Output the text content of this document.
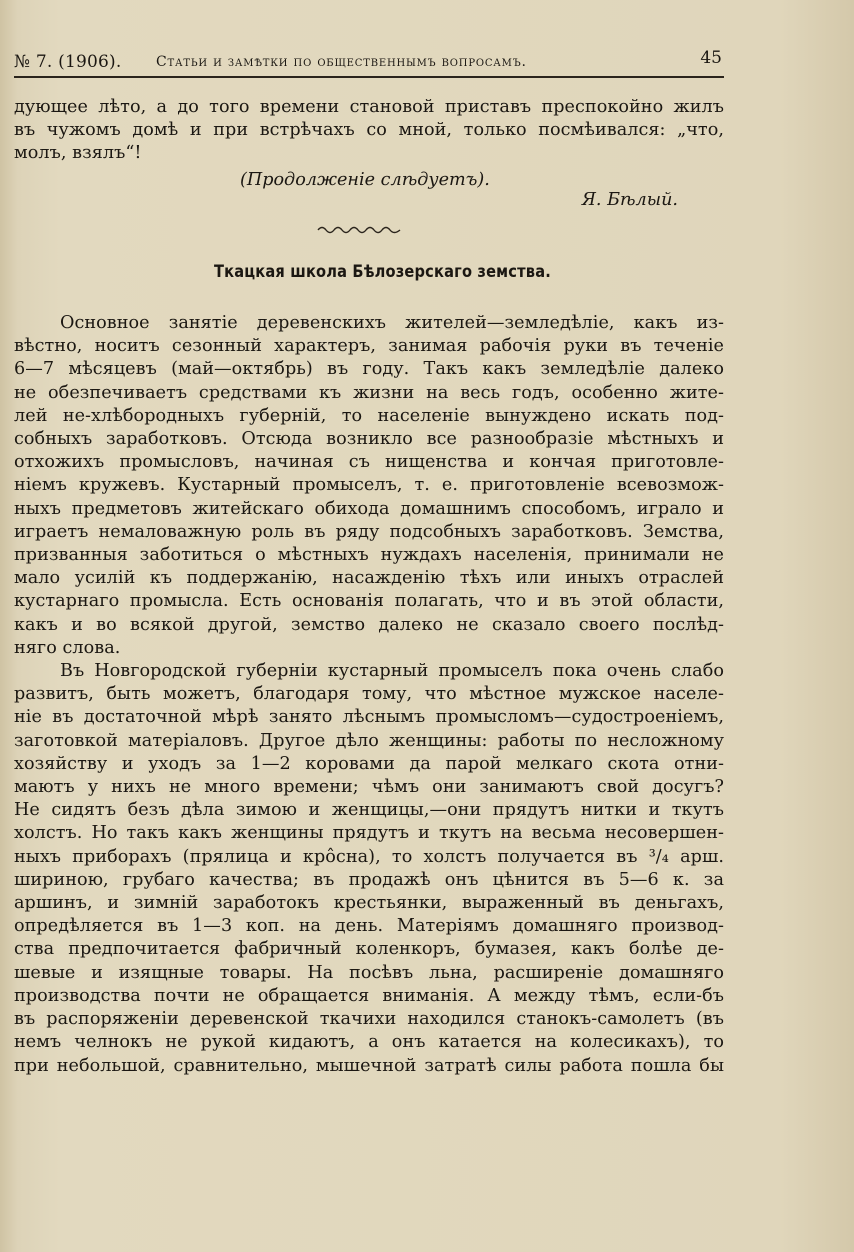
№ 7. (1906). Статьи и замѣтки по общественнымъ вопросамъ.	45
дующее лѣто, а до того времени становой приставъ преспокойно жилъ
въ чужомъ домѣ и при встрѣчахъ со мной, только посмѣивался: „что,
молъ, взялъ“!
(Продолженіе слѣдуетъ).
Я. Бѣлый.
Ткацкая школа Бѣлозерскаго земства.
Основное занятіе деревенскихъ жителей—земледѣліе, какъ из-
вѣстно, носитъ сезонный характеръ, занимая рабочія руки въ теченіе
6—7 мѣсяцевъ (май—октябрь) въ году. Такъ какъ земледѣліе далеко
не обезпечиваетъ средствами къ жизни на весь годъ, особенно жите-
лей не-хлѣбородныхъ губерній, то населеніе вынуждено искать под-
собныхъ заработковъ. Отсюда возникло все разнообразіе мѣстныхъ и
отхожихъ промысловъ, начиная съ нищенства и кончая приготовле-
ніемъ кружевъ. Кустарный промыселъ, т. е. приготовленіе всевозмож-
ныхъ предметовъ житейскаго обихода домашнимъ способомъ, играло и
играетъ немаловажную роль въ ряду подсобныхъ заработковъ. Земства,
призванныя заботиться о мѣстныхъ нуждахъ населенія, принимали не
мало усилій къ поддержанію, насажденію тѣхъ или иныхъ отраслей
кустарнаго промысла. Есть основанія полагать, что и въ этой области,
какъ и во всякой другой, земство далеко не сказало своего послѣд-
няго слова.
Въ Новгородской губерніи кустарный промыселъ пока очень слабо
развитъ, быть можетъ, благодаря тому, что мѣстное мужское населе-
ніе въ достаточной мѣрѣ занято лѣснымъ промысломъ—судостроеніемъ,
заготовкой матеріаловъ. Другое дѣло женщины: работы по несложному
хозяйству и уходъ за 1—2 коровами да парой мелкаго скота отни-
маютъ у нихъ не много времени; чѣмъ они занимаютъ свой досугъ?
Не сидятъ безъ дѣла зимою и женщицы,—они прядутъ нитки и ткутъ
холстъ. Но такъ какъ женщины прядутъ и ткутъ на весьма несовершен-
ныхъ приборахъ (прялица и крôсна), то холстъ получается въ ³/₄ арш.
шириною, грубаго качества; въ продажѣ онъ цѣнится въ 5—6 к. за
аршинъ, и зимній заработокъ крестьянки, выраженный въ деньгахъ,
опредѣляется въ 1—3 коп. на день. Матеріямъ домашняго производ-
ства предпочитается фабричный коленкоръ, бумазея, какъ болѣе де-
шевые и изящные товары. На посѣвъ льна, расширеніе домашняго
производства почти не обращается вниманія. А между тѣмъ, если-бъ
въ распоряженіи деревенской ткачихи находился станокъ-самолетъ (въ
немъ челнокъ не рукой кидаютъ, а онъ катается на колесикахъ), то
при небольшой, сравнительно, мышечной затратѣ силы работа пошла бы
